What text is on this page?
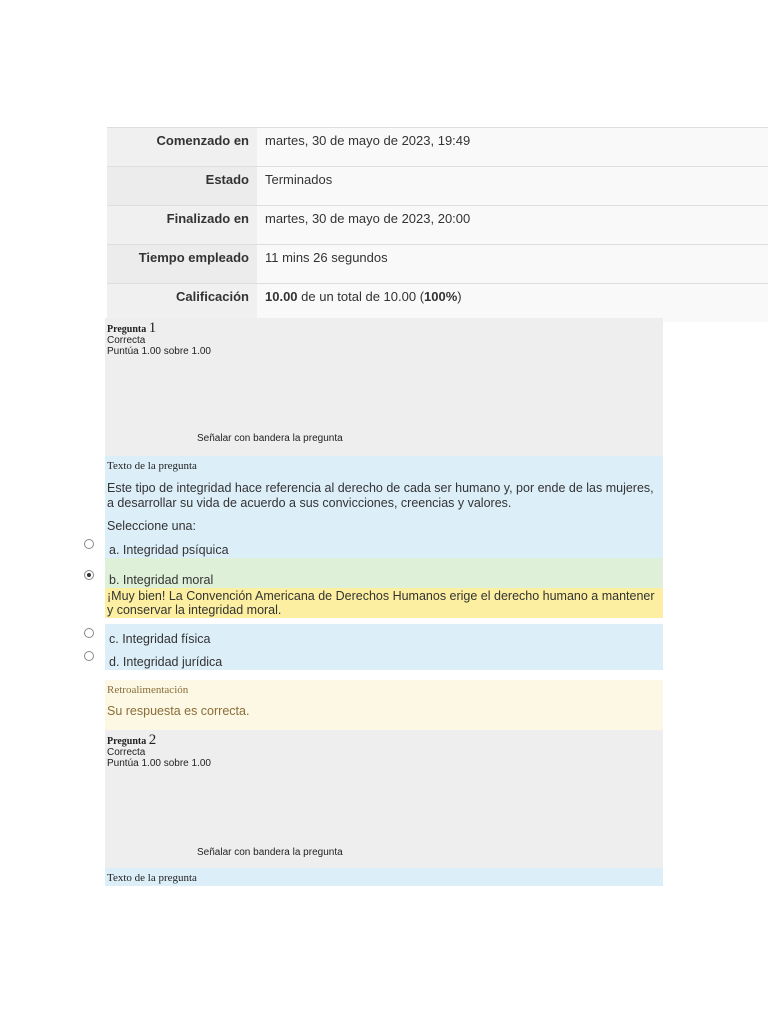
Comenzado en	martes, 30 de mayo de 2023, 19:49
Estado	Terminados
Finalizado en	martes, 30 de mayo de 2023, 20:00
Tiempo empleado	11 mins 26 segundos
Calificación	10.00 de un total de 10.00 (100%)
Pregunta 1
Correcta
Puntúa 1.00 sobre 1.00
Señalar con bandera la pregunta
Texto de la pregunta

Este tipo de integridad hace referencia al derecho de cada ser humano y, por ende de las mujeres, a desarrollar su vida de acuerdo a sus convicciones, creencias y valores.

Seleccione una:

a. Integridad psíquica
b. Integridad moral
¡Muy bien! La Convención Americana de Derechos Humanos erige el derecho humano a mantener y conservar la integridad moral.
c. Integridad física
d. Integridad jurídica
Retroalimentación
Su respuesta es correcta.
Pregunta 2
Correcta
Puntúa 1.00 sobre 1.00
Señalar con bandera la pregunta
Texto de la pregunta
